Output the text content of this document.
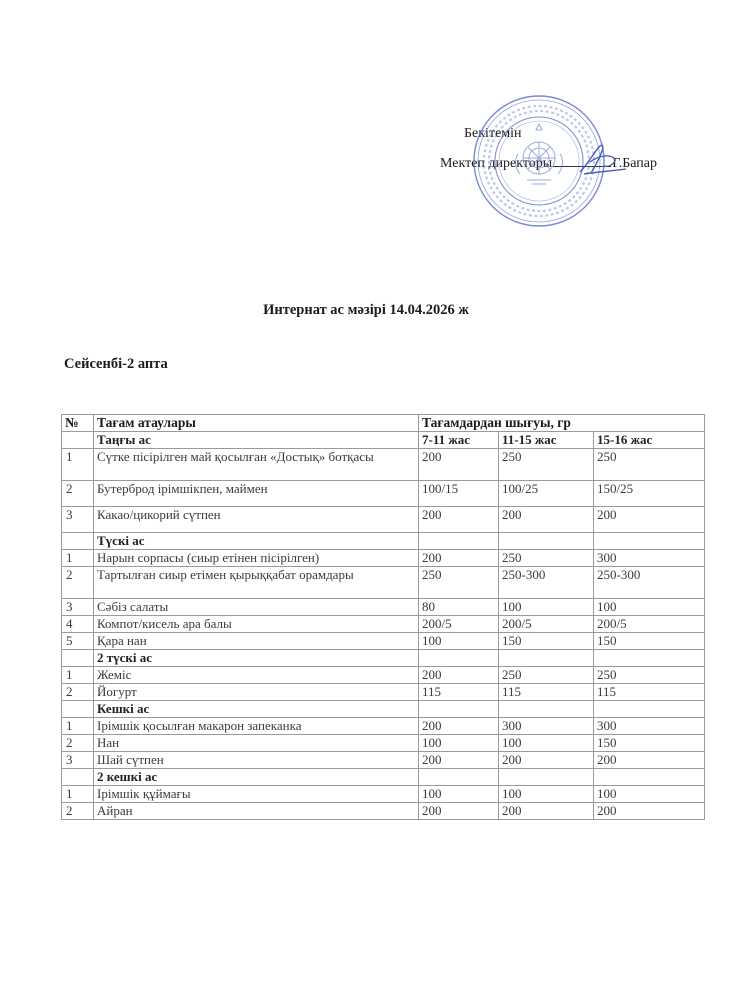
Бекітемін
Мектеп директоры	Г.Бапар
Интернат ас мәзірі 14.04.2026 ж
Сейсенбі-2 апта
№	Тағам атаулары	Тағамдардан шығуы, гр		
	Таңғы ас	7-11 жас	11-15 жас	15-16 жас
1	Сүтке пісірілген май қосылған «Достық» ботқасы	200	250	250
2	Бутерброд ірімшікпен, маймен	100/15	100/25	150/25
3	Какао/цикорий сүтпен	200	200	200
	Түскі ас			
1	Нарын сорпасы (сиыр етінен пісірілген)	200	250	300
2	Тартылған сиыр етімен қырыққабат орамдары	250	250-300	250-300
3	Сәбіз салаты	80	100	100
4	Компот/кисель ара балы	200/5	200/5	200/5
5	Қара нан	100	150	150
	2 түскі ас			
1	Жеміс	200	250	250
2	Йогурт	115	115	115
	Кешкі ас			
1	Ірімшік қосылған макарон запеканка	200	300	300
2	Нан	100	100	150
3	Шай сүтпен	200	200	200
	2 кешкі ас			
1	Ірімшік құймағы	100	100	100
2	Айран	200	200	200
